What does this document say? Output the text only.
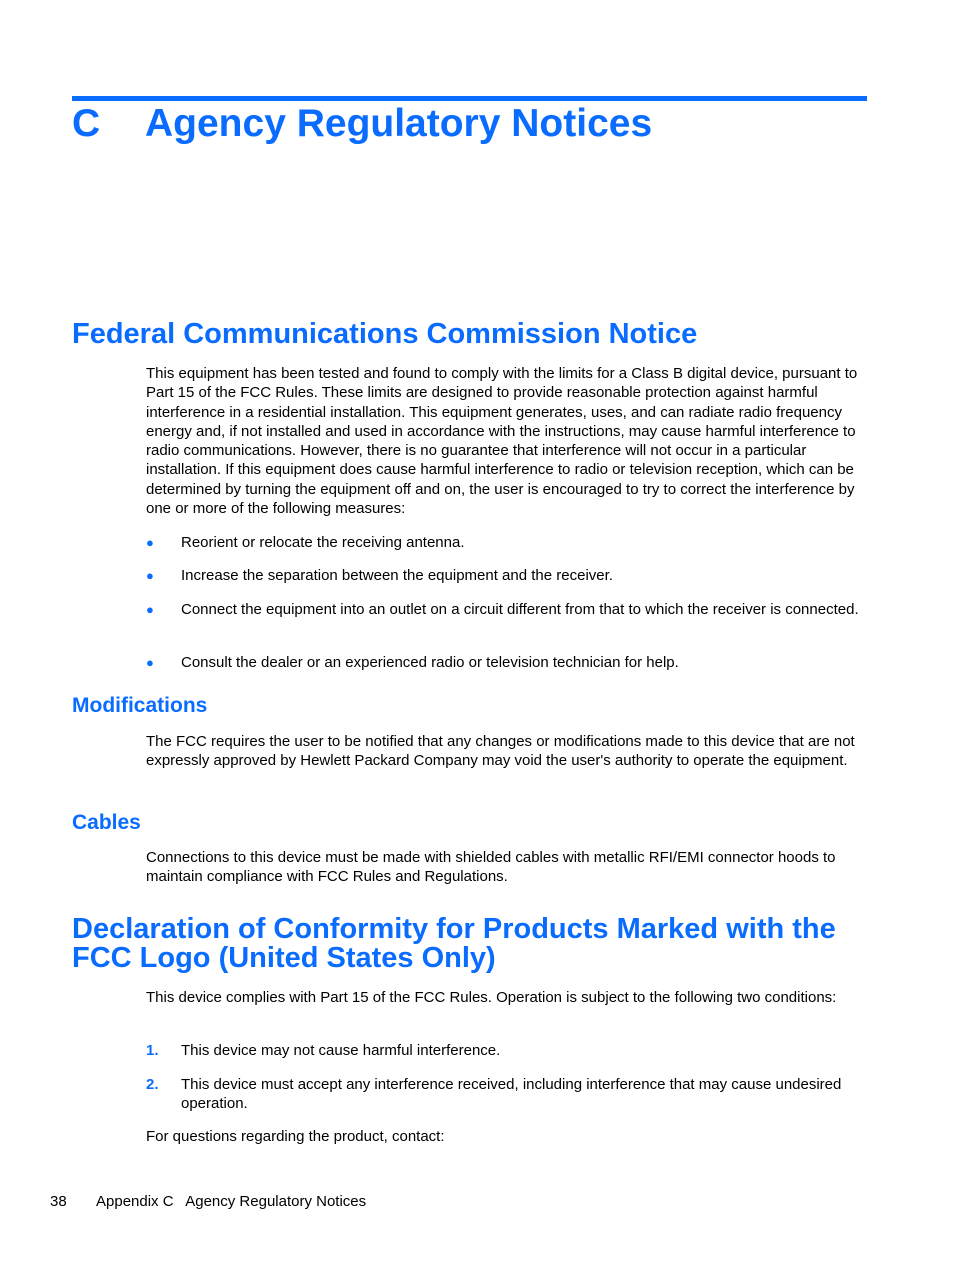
C Agency Regulatory Notices
Federal Communications Commission Notice

This equipment has been tested and found to comply with the limits for a Class B digital device, pursuant to Part 15 of the FCC Rules. These limits are designed to provide reasonable protection against harmful interference in a residential installation. This equipment generates, uses, and can radiate radio frequency energy and, if not installed and used in accordance with the instructions, may cause harmful interference to radio communications. However, there is no guarantee that interference will not occur in a particular installation. If this equipment does cause harmful interference to radio or television reception, which can be determined by turning the equipment off and on, the user is encouraged to try to correct the interference by one or more of the following measures:

● Reorient or relocate the receiving antenna.
● Increase the separation between the equipment and the receiver.
● Connect the equipment into an outlet on a circuit different from that to which the receiver is connected.
● Consult the dealer or an experienced radio or television technician for help.
Modifications

The FCC requires the user to be notified that any changes or modifications made to this device that are not expressly approved by Hewlett Packard Company may void the user's authority to operate the equipment.

Cables

Connections to this device must be made with shielded cables with metallic RFI/EMI connector hoods to maintain compliance with FCC Rules and Regulations.

Declaration of Conformity for Products Marked with the
FCC Logo (United States Only)

This device complies with Part 15 of the FCC Rules. Operation is subject to the following two conditions:

1. This device may not cause harmful interference.
2. This device must accept any interference received, including interference that may cause undesired operation.

For questions regarding the product, contact:

38 Appendix C   Agency Regulatory Notices
